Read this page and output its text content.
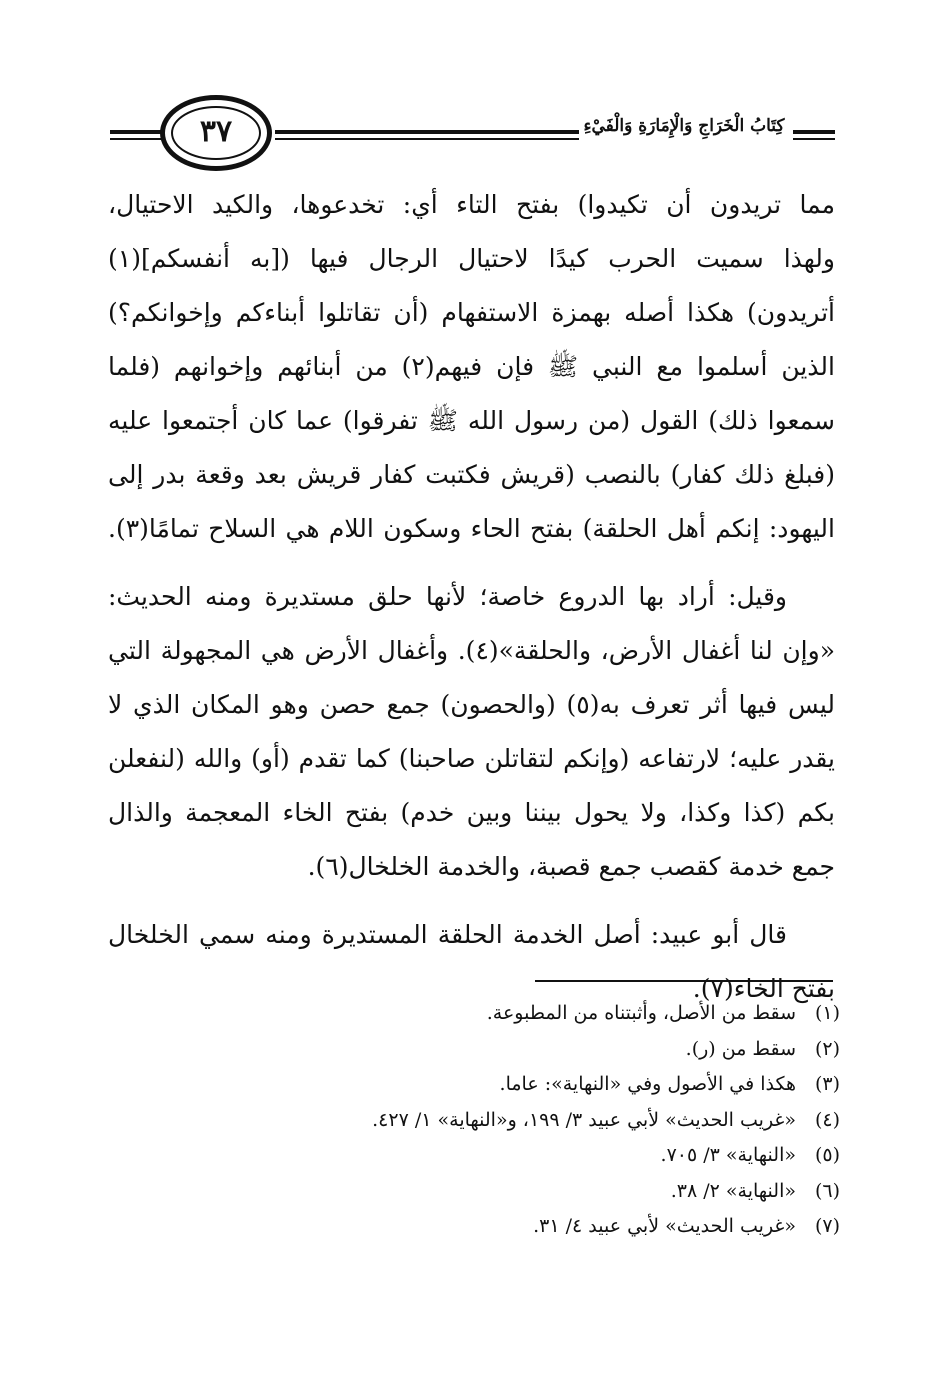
كِتَابُ الْخَرَاجِ وَالْإِمَارَةِ وَالْفَيْءِ
٣٧
مما تريدون أن تكيدوا) بفتح التاء أي: تخدعوها، والكيد الاحتيال،
ولهذا سميت الحرب كيدًا لاحتيال الرجال فيها ([به أنفسكم](١)
أتريدون) هكذا أصله بهمزة الاستفهام (أن تقاتلوا أبناءكم وإخوانكم؟)
الذين أسلموا مع النبي ﷺ فإن فيهم(٢) من أبنائهم وإخوانهم (فلما
سمعوا ذلك) القول (من رسول الله ﷺ تفرقوا) عما كان أجتمعوا عليه
(فبلغ ذلك كفار) بالنصب (قريش فكتبت كفار قريش بعد وقعة بدر إلى
اليهود: إنكم أهل الحلقة) بفتح الحاء وسكون اللام هي السلاح تمامًا(٣).
وقيل: أراد بها الدروع خاصة؛ لأنها حلق مستديرة ومنه الحديث:
«وإن لنا أغفال الأرض، والحلقة»(٤). وأغفال الأرض هي المجهولة التي
ليس فيها أثر تعرف به(٥) (والحصون) جمع حصن وهو المكان الذي لا
يقدر عليه؛ لارتفاعه (وإنكم لتقاتلن صاحبنا) كما تقدم (أو) والله (لنفعلن
بكم (كذا وكذا، ولا يحول بيننا وبين خدم) بفتح الخاء المعجمة والذال
جمع خدمة كقصب جمع قصبة، والخدمة الخلخال(٦).
قال أبو عبيد: أصل الخدمة الحلقة المستديرة ومنه سمي الخلخال
بفتح الخاء(٧).
(١)سقط من الأصل، وأثبتناه من المطبوعة.
(٢)سقط من (ر).
(٣)هكذا في الأصول وفي «النهاية»: عاما.
(٤)«غريب الحديث» لأبي عبيد ٣/ ١٩٩، و«النهاية» ١/ ٤٢٧.
(٥)«النهاية» ٣/ ٧٠٥.
(٦)«النهاية» ٢/ ٣٨.
(٧)«غريب الحديث» لأبي عبيد ٤/ ٣١.
